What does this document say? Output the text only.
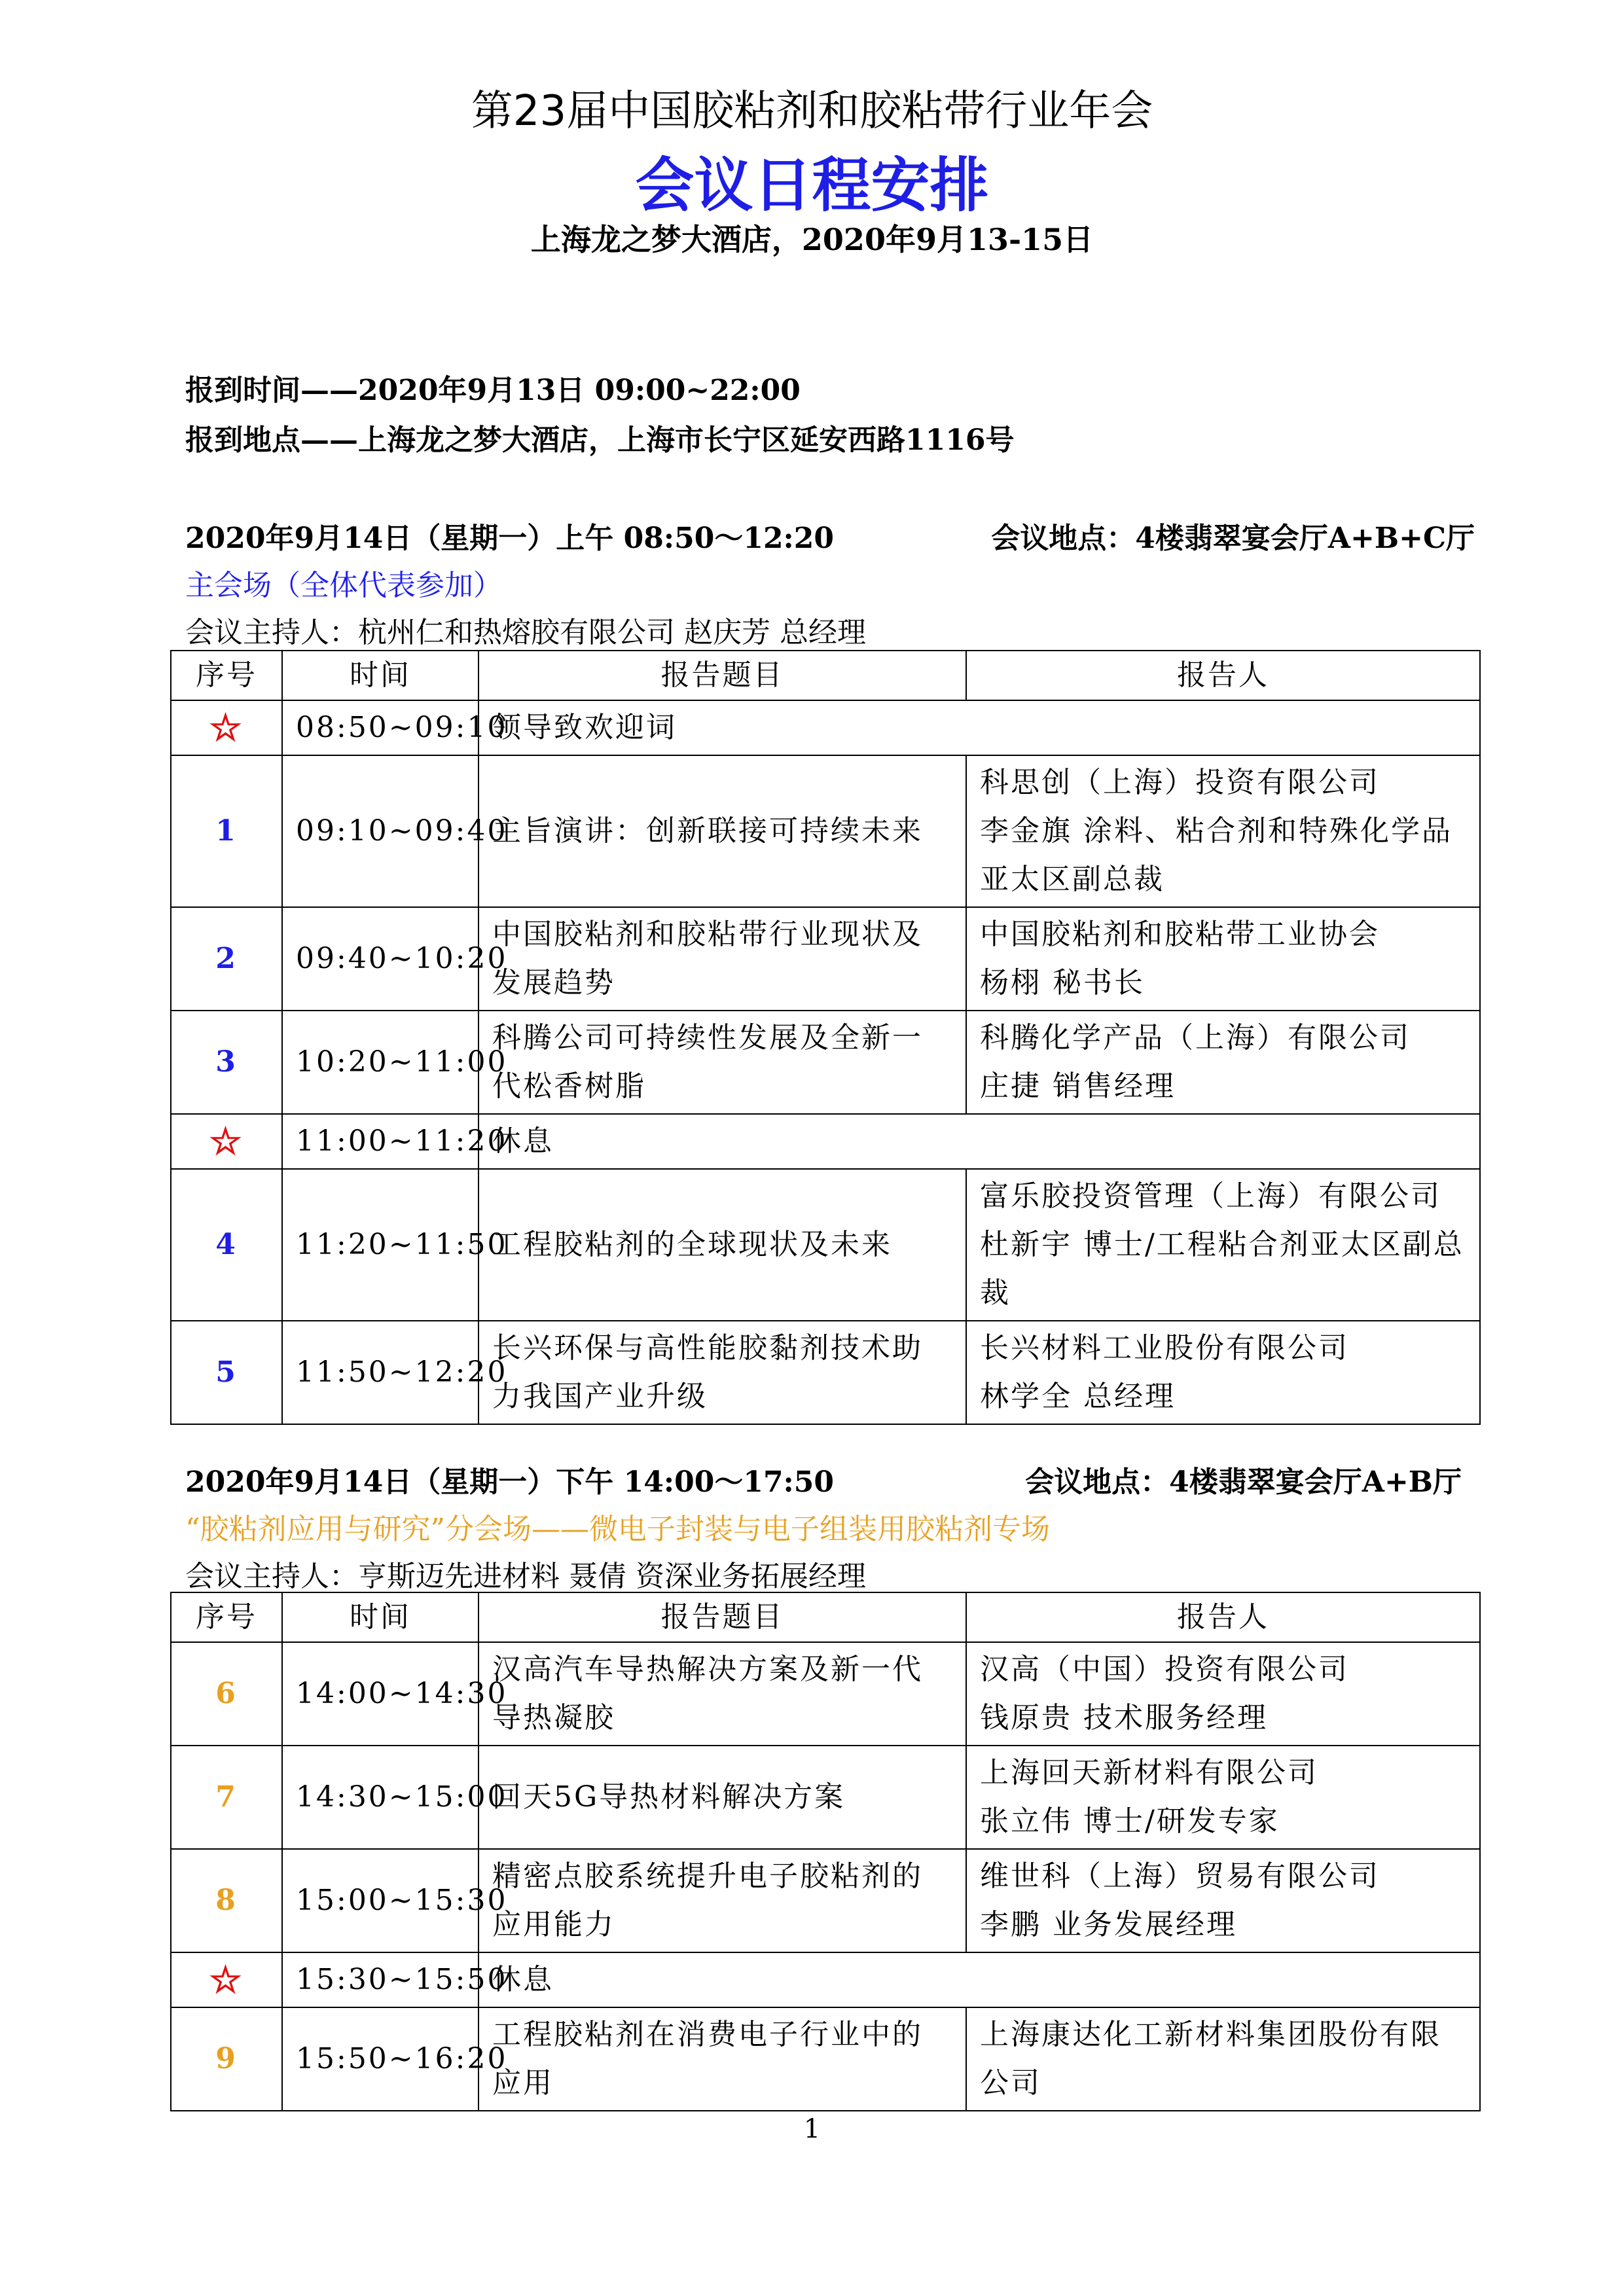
第23届中国胶粘剂和胶粘带行业年会
会议日程安排
上海龙之梦大酒店，2020年9月13-15日
报到时间——2020年9月13日 09:00~22:00
报到地点——上海龙之梦大酒店，上海市长宁区延安西路1116号
2020年9月14日（星期一）上午 08:50～12:20	会议地点：4楼翡翠宴会厅A+B+C厅
主会场（全体代表参加）
会议主持人：杭州仁和热熔胶有限公司 赵庆芳 总经理
序号	时间	报告题目	报告人
☆	08:50~09:10	领导致欢迎词	
1	09:10~09:40	主旨演讲：创新联接可持续未来	科思创（上海）投资有限公司
李金旗 涂料、粘合剂和特殊化学品亚太区副总裁
2	09:40~10:20	中国胶粘剂和胶粘带行业现状及发展趋势	中国胶粘剂和胶粘带工业协会
杨栩 秘书长
3	10:20~11:00	科腾公司可持续性发展及全新一代松香树脂	科腾化学产品（上海）有限公司
庄捷 销售经理
☆	11:00~11:20	休息	
4	11:20~11:50	工程胶粘剂的全球现状及未来	富乐胶投资管理（上海）有限公司
杜新宇 博士/工程粘合剂亚太区副总裁
5	11:50~12:20	长兴环保与高性能胶黏剂技术助力我国产业升级	长兴材料工业股份有限公司
林学全 总经理
2020年9月14日（星期一）下午 14:00～17:50	会议地点：4楼翡翠宴会厅A+B厅
“胶粘剂应用与研究”分会场——微电子封装与电子组装用胶粘剂专场
会议主持人：亨斯迈先进材料 聂倩 资深业务拓展经理
序号	时间	报告题目	报告人
6	14:00~14:30	汉高汽车导热解决方案及新一代导热凝胶	汉高（中国）投资有限公司
钱原贵 技术服务经理
7	14:30~15:00	回天5G导热材料解决方案	上海回天新材料有限公司
张立伟 博士/研发专家
8	15:00~15:30	精密点胶系统提升电子胶粘剂的应用能力	维世科（上海）贸易有限公司
李鹏 业务发展经理
☆	15:30~15:50	休息	
9	15:50~16:20	工程胶粘剂在消费电子行业中的应用	上海康达化工新材料集团股份有限公司
1
